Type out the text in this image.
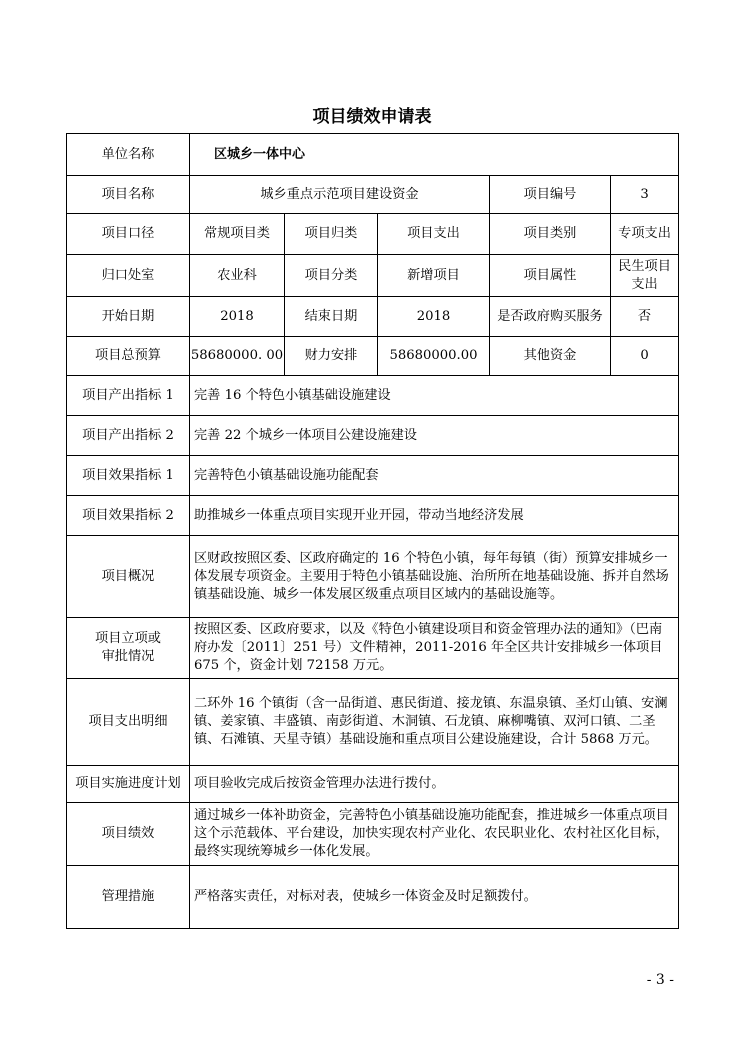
项目绩效申请表
单位名称	区城乡一体中心				
项目名称	城乡重点示范项目建设资金			项目编号	3
项目口径	常规项目类	项目归类	项目支出	项目类别	专项支出
归口处室	农业科	项目分类	新增项目	项目属性	民生项目支出
开始日期	2018	结束日期	2018	是否政府购买服务	否
项目总预算	58680000. 00	财力安排	58680000.00	其他资金	0
项目产出指标 1	完善 16 个特色小镇基础设施建设				
项目产出指标 2	完善 22 个城乡一体项目公建设施建设				
项目效果指标 1	完善特色小镇基础设施功能配套				
项目效果指标 2	助推城乡一体重点项目实现开业开园，带动当地经济发展				
项目概况	区财政按照区委、区政府确定的 16 个特色小镇，每年每镇（街）预算安排城乡一体发展专项资金。主要用于特色小镇基础设施、治所所在地基础设施、拆并自然场镇基础设施、城乡一体发展区级重点项目区域内的基础设施等。				
项目立项或审批情况	按照区委、区政府要求，以及《特色小镇建设项目和资金管理办法的通知》（巴南府办发〔2011〕251 号）文件精神，2011-2016 年全区共计安排城乡一体项目 675 个，资金计划 72158 万元。				
项目支出明细	二环外 16 个镇街（含一品街道、惠民街道、接龙镇、东温泉镇、圣灯山镇、安澜镇、姜家镇、丰盛镇、南彭街道、木洞镇、石龙镇、麻柳嘴镇、双河口镇、二圣镇、石滩镇、天星寺镇）基础设施和重点项目公建设施建设，合计 5868 万元。				
项目实施进度计划	项目验收完成后按资金管理办法进行拨付。				
项目绩效	通过城乡一体补助资金，完善特色小镇基础设施功能配套，推进城乡一体重点项目这个示范载体、平台建设，加快实现农村产业化、农民职业化、农村社区化目标，最终实现统筹城乡一体化发展。				
管理措施	严格落实责任，对标对表，使城乡一体资金及时足额拨付。				
- 3 -
